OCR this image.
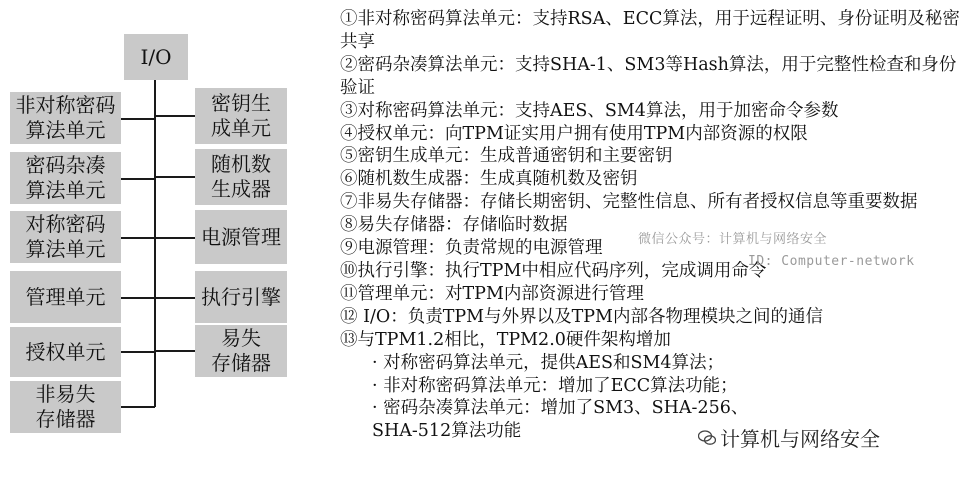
I/O
非对称密码
算法单元
密码杂凑
算法单元
对称密码
算法单元
管理单元
授权单元
非易失
存储器
密钥生
成单元
随机数
生成器
电源管理
执行引擎
易失
存储器
①非对称密码算法单元：支持RSA、ECC算法，用于远程证明、身份证明及秘密共享
②密码杂凑算法单元：支持SHA-1、SM3等Hash算法，用于完整性检查和身份验证
③对称密码算法单元：支持AES、SM4算法，用于加密命令参数
④授权单元：向TPM证实用户拥有使用TPM内部资源的权限
⑤密钥生成单元：生成普通密钥和主要密钥
⑥随机数生成器：生成真随机数及密钥
⑦非易失存储器：存储长期密钥、完整性信息、所有者授权信息等重要数据
⑧易失存储器：存储临时数据
⑨电源管理：负责常规的电源管理
⑩执行引擎：执行TPM中相应代码序列，完成调用命令
⑪管理单元：对TPM内部资源进行管理
⑫ I/O：负责TPM与外界以及TPM内部各物理模块之间的通信
⑬与TPM1.2相比，TPM2.0硬件架构增加
· 对称密码算法单元，提供AES和SM4算法；
· 非对称密码算法单元：增加了ECC算法功能；
· 密码杂凑算法单元：增加了SM3、SHA-256、
SHA-512算法功能
微信公众号：计算机与网络安全
ID: Computer-network
计算机与网络安全
